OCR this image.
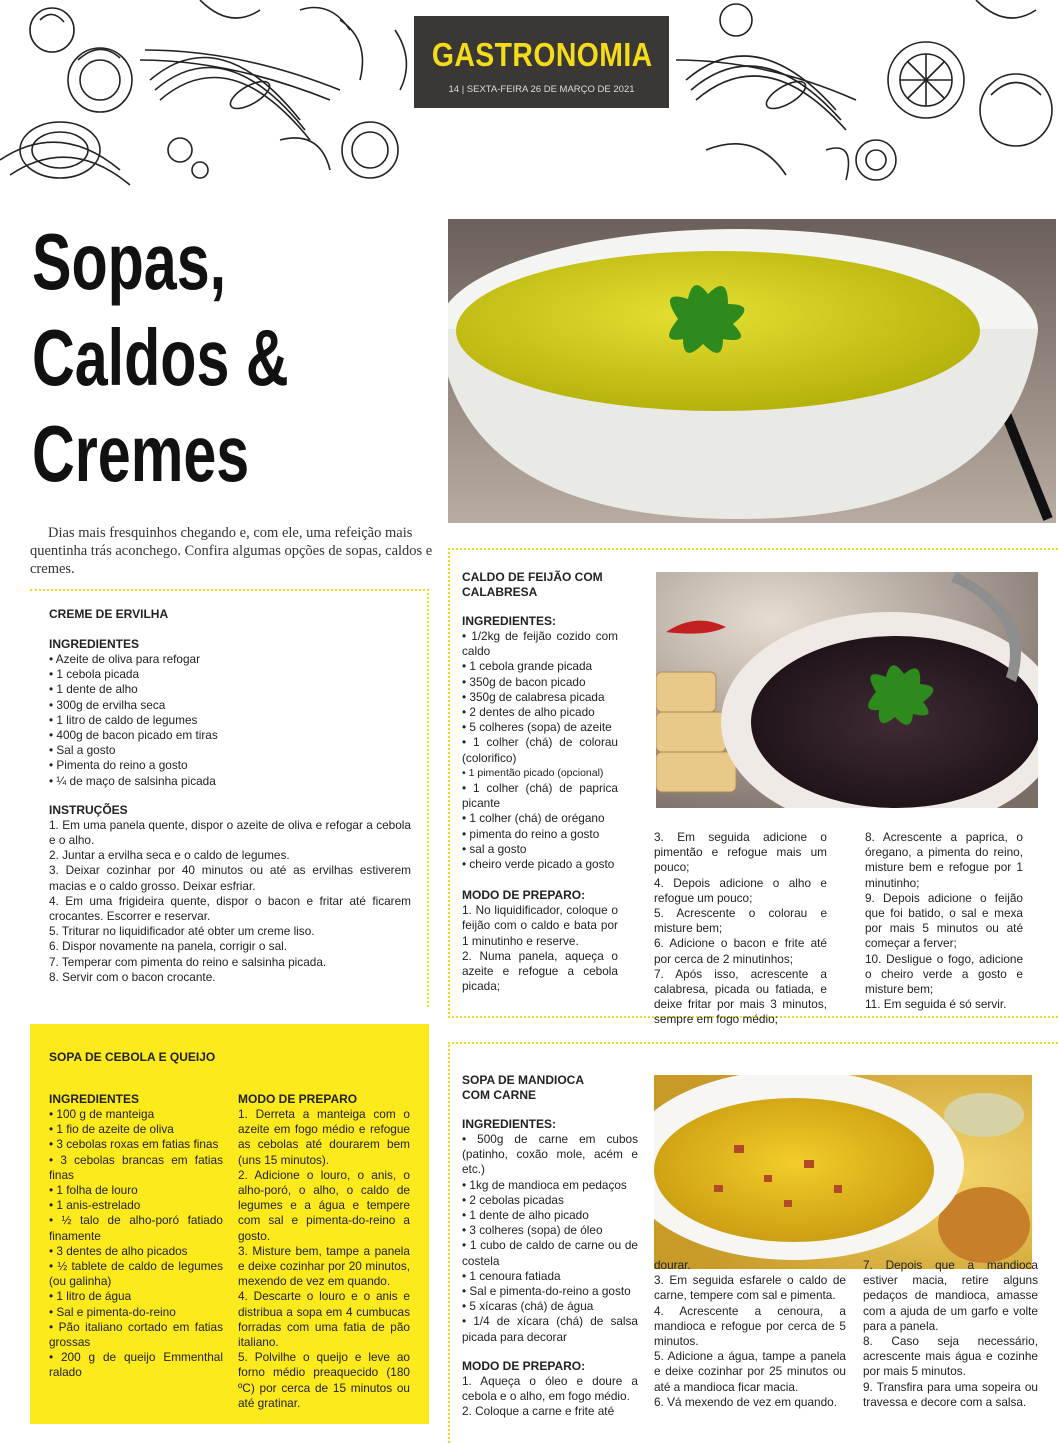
GASTRONOMIA
14 | SEXTA-FEIRA 26 DE MARÇO DE 2021
Sopas,
Caldos &
Cremes

Dias mais fresquinhos chegando e, com ele, uma refeição mais quentinha trás aconchego. Confira algumas opções de sopas, caldos e cremes.

CREME DE ERVILHA
INGREDIENTES
• Azeite de oliva para refogar
• 1 cebola picada
• 1 dente de alho
• 300g de ervilha seca
• 1 litro de caldo de legumes
• 400g de bacon picado em tiras
• Sal a gosto
• Pimenta do reino a gosto
• ¼ de maço de salsinha picada
INSTRUÇÕES

1. Em uma panela quente, dispor o azeite de oliva e refogar a cebola e o alho.

2. Juntar a ervilha seca e o caldo de legumes.

3. Deixar cozinhar por 40 minutos ou até as ervilhas estiverem macias e o caldo grosso. Deixar esfriar.

4. Em uma frigideira quente, dispor o bacon e fritar até ficarem crocantes. Escorrer e reservar.

5. Triturar no liquidificador até obter um creme liso.

6. Dispor novamente na panela, corrigir o sal.

7. Temperar com pimenta do reino e salsinha picada.

8. Servir com o bacon crocante.

CALDO DE FEIJÃO COM
CALABRESA
INGREDIENTES:
• 1/2kg de feijão cozido com caldo
• 1 cebola grande picada
• 350g de bacon picado
• 350g de calabresa picada
• 2 dentes de alho picado
• 5 colheres (sopa) de azeite
• 1 colher (chá) de colorau (colorifico)
• 1 pimentão picado (opcional)
• 1 colher (chá) de paprica picante
• 1 colher (chá) de orégano
• pimenta do reino a gosto
• sal a gosto
• cheiro verde picado a gosto
MODO DE PREPARO:

1. No liquidificador, coloque o feijão com o caldo e bata por 1 minutinho e reserve.

2. Numa panela, aqueça o azeite e refogue a cebola picada;

3. Em seguida adicione o pimentão e refogue mais um pouco;

4. Depois adicione o alho e refogue um pouco;

5. Acrescente o colorau e misture bem;

6. Adicione o bacon e frite até por cerca de 2 minutinhos;

7. Após isso, acrescente a calabresa, picada ou fatiada, e deixe fritar por mais 3 minutos, sempre em fogo médio;

8. Acrescente a paprica, o óregano, a pimenta do reino, misture bem e refogue por 1 minutinho;

9. Depois adicione o feijão que foi batido, o sal e mexa por mais 5 minutos ou até começar a ferver;

10. Desligue o fogo, adicione o cheiro verde a gosto e misture bem;

11. Em seguida é só servir.

SOPA DE CEBOLA E QUEIJO
INGREDIENTES
• 100 g de manteiga
• 1 fio de azeite de oliva
• 3 cebolas roxas em fatias finas
• 3 cebolas brancas em fatias finas
• 1 folha de louro
• 1 anis-estrelado
• ½ talo de alho-poró fatiado finamente
• 3 dentes de alho picados
• ½ tablete de caldo de legumes (ou galinha)
• 1 litro de água
• Sal e pimenta-do-reino
• Pão italiano cortado em fatias grossas
• 200 g de queijo Emmenthal ralado
MODO DE PREPARO

1. Derreta a manteiga com o azeite em fogo médio e refogue as cebolas até dourarem bem (uns 15 minutos).

2. Adicione o louro, o anis, o alho-poró, o alho, o caldo de legumes e a água e tempere com sal e pimenta-do-reino a gosto.

3. Misture bem, tampe a panela e deixe cozinhar por 20 minutos, mexendo de vez em quando.

4. Descarte o louro e o anis e distribua a sopa em 4 cumbucas forradas com uma fatia de pão italiano.

5. Polvilhe o queijo e leve ao forno médio preaquecido (180 ºC) por cerca de 15 minutos ou até gratinar.

SOPA DE MANDIOCA
COM CARNE
INGREDIENTES:
• 500g de carne em cubos (patinho, coxão mole, acém e etc.)
• 1kg de mandioca em pedaços
• 2 cebolas picadas
• 1 dente de alho picado
• 3 colheres (sopa) de óleo
• 1 cubo de caldo de carne ou de costela
• 1 cenoura fatiada
• Sal e pimenta-do-reino a gosto
• 5 xícaras (chá) de água
• 1/4 de xícara (chá) de salsa picada para decorar
MODO DE PREPARO:

1. Aqueça o óleo e doure a cebola e o alho, em fogo médio.

2. Coloque a carne e frite até

dourar.

3. Em seguida esfarele o caldo de carne, tempere com sal e pimenta.

4. Acrescente a cenoura, a mandioca e refogue por cerca de 5 minutos.

5. Adicione a água, tampe a panela e deixe cozinhar por 25 minutos ou até a mandioca ficar macia.

6. Vá mexendo de vez em quando.

7. Depois que a mandioca estiver macia, retire alguns pedaços de mandioca, amasse com a ajuda de um garfo e volte para a panela.

8. Caso seja necessário, acrescente mais água e cozinhe por mais 5 minutos.

9. Transfira para uma sopeira ou travessa e decore com a salsa.
